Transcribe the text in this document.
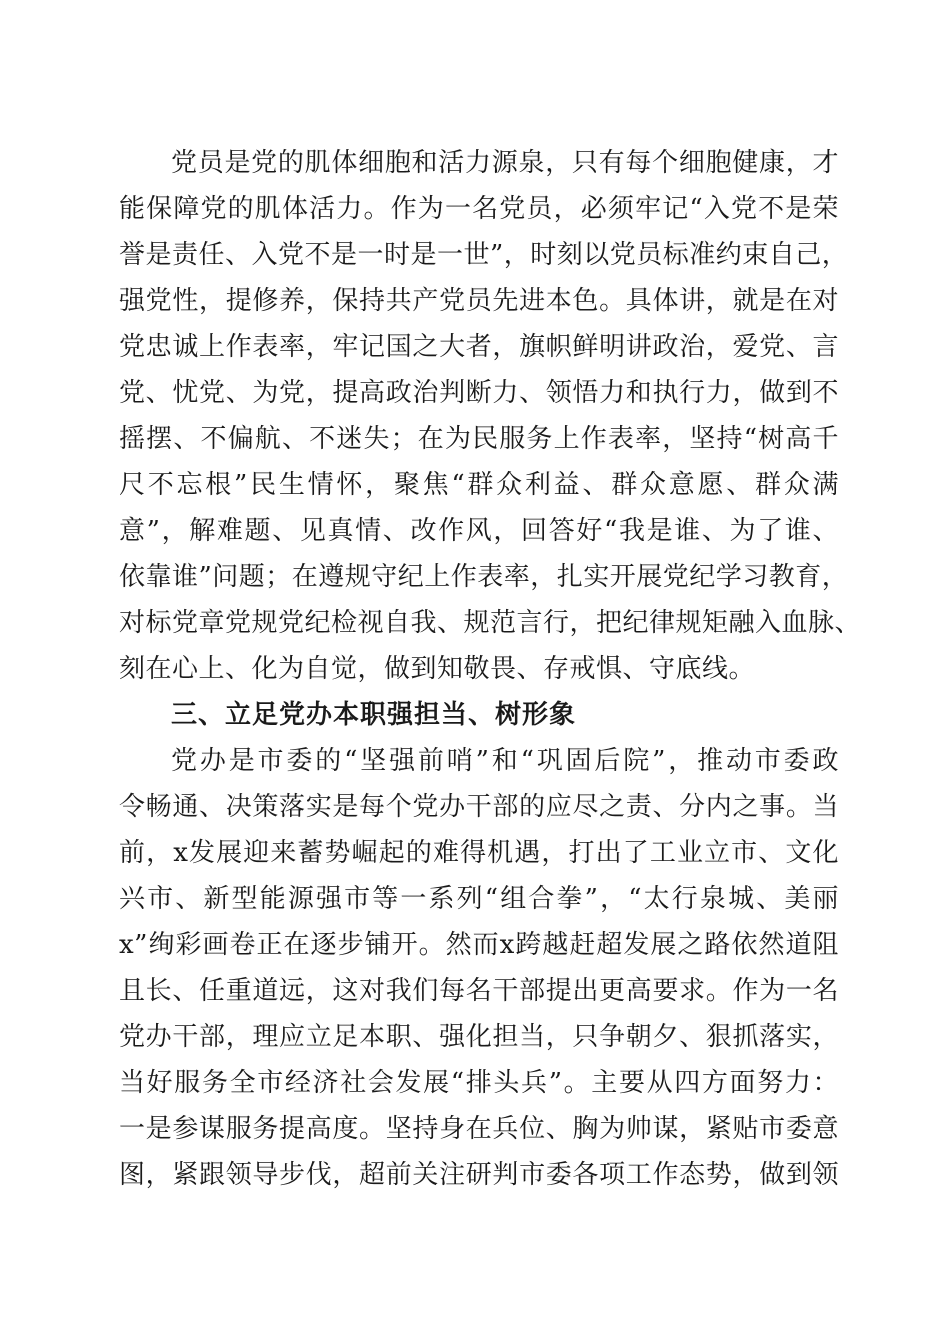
党员是党的肌体细胞和活力源泉，只有每个细胞健康，才
能保障党的肌体活力。作为一名党员，必须牢记“入党不是荣
誉是责任、入党不是一时是一世”，时刻以党员标准约束自己，
强党性，提修养，保持共产党员先进本色。具体讲，就是在对
党忠诚上作表率，牢记国之大者，旗帜鲜明讲政治，爱党、言
党、忧党、为党，提高政治判断力、领悟力和执行力，做到不
摇摆、不偏航、不迷失；在为民服务上作表率，坚持“树高千
尺不忘根”民生情怀，聚焦“群众利益、群众意愿、群众满
意”，解难题、见真情、改作风，回答好“我是谁、为了谁、
依靠谁”问题；在遵规守纪上作表率，扎实开展党纪学习教育，
对标党章党规党纪检视自我、规范言行，把纪律规矩融入血脉、
刻在心上、化为自觉，做到知敬畏、存戒惧、守底线。
三、立足党办本职强担当、树形象
党办是市委的“坚强前哨”和“巩固后院”，推动市委政
令畅通、决策落实是每个党办干部的应尽之责、分内之事。当
前，x发展迎来蓄势崛起的难得机遇，打出了工业立市、文化
兴市、新型能源强市等一系列“组合拳”，“太行泉城、美丽
x”绚彩画卷正在逐步铺开。然而x跨越赶超发展之路依然道阻
且长、任重道远，这对我们每名干部提出更高要求。作为一名
党办干部，理应立足本职、强化担当，只争朝夕、狠抓落实，
当好服务全市经济社会发展“排头兵”。主要从四方面努力：
一是参谋服务提高度。坚持身在兵位、胸为帅谋，紧贴市委意
图，紧跟领导步伐，超前关注研判市委各项工作态势，做到领
